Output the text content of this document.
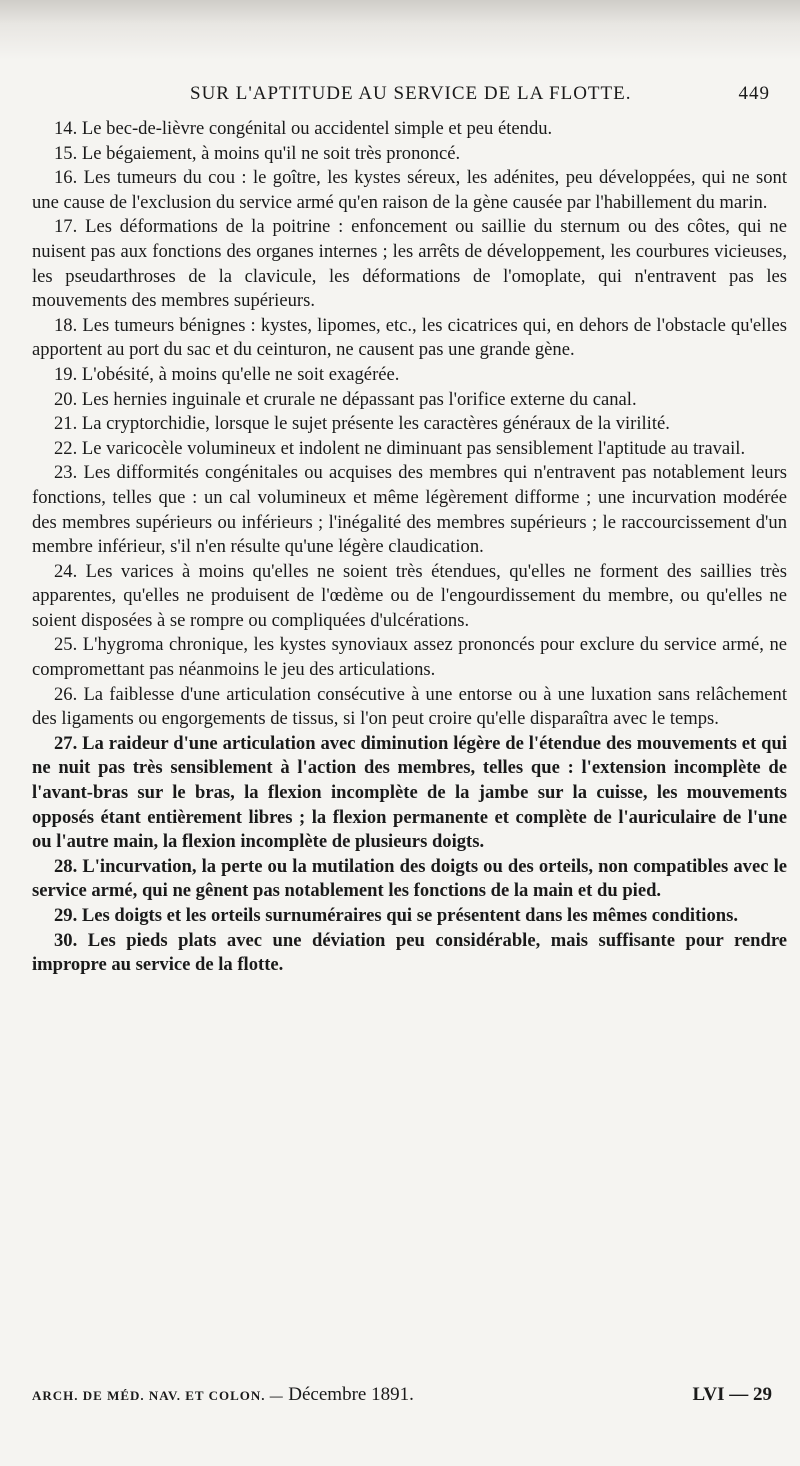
SUR L'APTITUDE AU SERVICE DE LA FLOTTE.	449

14. Le bec-de-lièvre congénital ou accidentel simple et peu étendu.

15. Le bégaiement, à moins qu'il ne soit très prononcé.

16. Les tumeurs du cou : le goître, les kystes séreux, les adénites, peu développées, qui ne sont une cause de l'exclusion du service armé qu'en raison de la gène causée par l'habillement du marin.

17. Les déformations de la poitrine : enfoncement ou saillie du sternum ou des côtes, qui ne nuisent pas aux fonctions des organes internes ; les arrêts de développement, les courbures vicieuses, les pseudarthroses de la clavicule, les déformations de l'omoplate, qui n'entravent pas les mouvements des membres supérieurs.

18. Les tumeurs bénignes : kystes, lipomes, etc., les cicatrices qui, en dehors de l'obstacle qu'elles apportent au port du sac et du ceinturon, ne causent pas une grande gène.

19. L'obésité, à moins qu'elle ne soit exagérée.

20. Les hernies inguinale et crurale ne dépassant pas l'orifice externe du canal.

21. La cryptorchidie, lorsque le sujet présente les caractères généraux de la virilité.

22. Le varicocèle volumineux et indolent ne diminuant pas sensiblement l'aptitude au travail.

23. Les difformités congénitales ou acquises des membres qui n'entravent pas notablement leurs fonctions, telles que : un cal volumineux et même légèrement difforme ; une incurvation modérée des membres supérieurs ou inférieurs ; l'inégalité des membres supérieurs ; le raccourcissement d'un membre inférieur, s'il n'en résulte qu'une légère claudication.

24. Les varices à moins qu'elles ne soient très étendues, qu'elles ne forment des saillies très apparentes, qu'elles ne produisent de l'œdème ou de l'engourdissement du membre, ou qu'elles ne soient disposées à se rompre ou compliquées d'ulcérations.

25. L'hygroma chronique, les kystes synoviaux assez prononcés pour exclure du service armé, ne compromettant pas néanmoins le jeu des articulations.

26. La faiblesse d'une articulation consécutive à une entorse ou à une luxation sans relâchement des ligaments ou engorgements de tissus, si l'on peut croire qu'elle disparaîtra avec le temps.

27. La raideur d'une articulation avec diminution légère de l'étendue des mouvements et qui ne nuit pas très sensiblement à l'action des membres, telles que : l'extension incomplète de l'avant-bras sur le bras, la flexion incomplète de la jambe sur la cuisse, les mouvements opposés étant entièrement libres ; la flexion permanente et complète de l'auriculaire de l'une ou l'autre main, la flexion incomplète de plusieurs doigts.

28. L'incurvation, la perte ou la mutilation des doigts ou des orteils, non compatibles avec le service armé, qui ne gênent pas notablement les fonctions de la main et du pied.

29. Les doigts et les orteils surnuméraires qui se présentent dans les mêmes conditions.

30. Les pieds plats avec une déviation peu considérable, mais suffisante pour rendre impropre au service de la flotte.

ARCH. DE MÉD. NAV. ET COLON. — Décembre 1891.	LVI — 29
